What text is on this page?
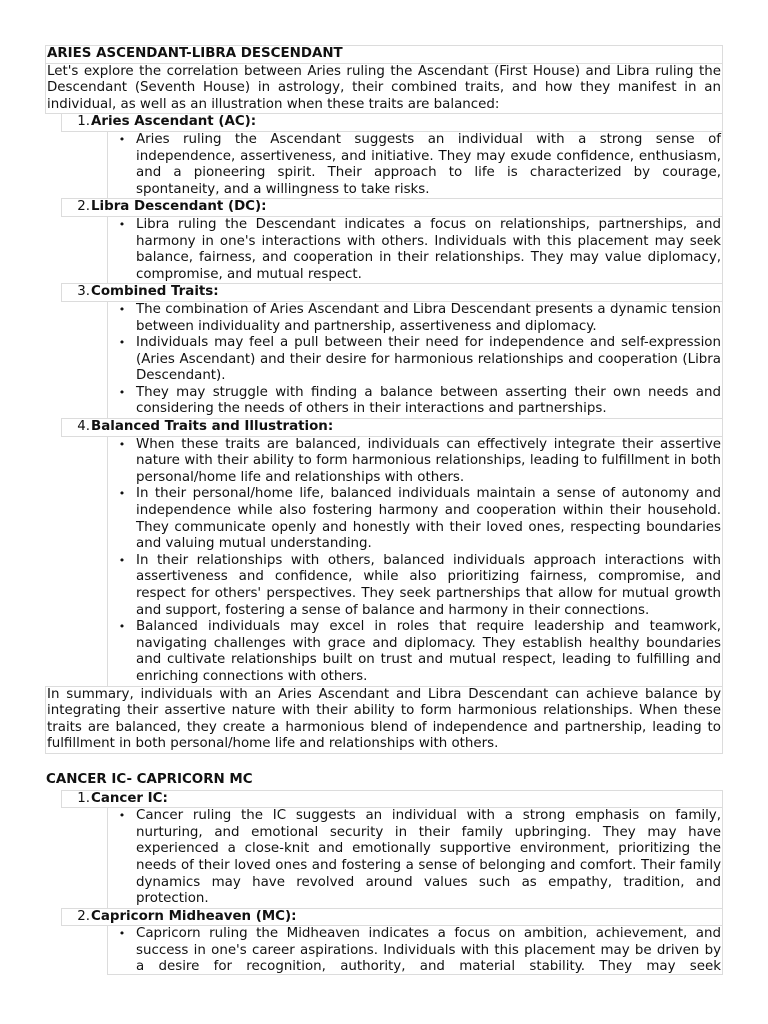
ARIES ASCENDANT-LIBRA DESCENDANT
Let's explore the correlation between Aries ruling the Ascendant (First House) and Libra ruling the Descendant (Seventh House) in astrology, their combined traits, and how they manifest in an individual, as well as an illustration when these traits are balanced:
1. Aries Ascendant (AC):
• Aries ruling the Ascendant suggests an individual with a strong sense of independence, assertiveness, and initiative. They may exude confidence, enthusiasm, and a pioneering spirit. Their approach to life is characterized by courage, spontaneity, and a willingness to take risks.
2. Libra Descendant (DC):
• Libra ruling the Descendant indicates a focus on relationships, partnerships, and harmony in one's interactions with others. Individuals with this placement may seek balance, fairness, and cooperation in their relationships. They may value diplomacy, compromise, and mutual respect.
3. Combined Traits:
• The combination of Aries Ascendant and Libra Descendant presents a dynamic tension between individuality and partnership, assertiveness and diplomacy.
• Individuals may feel a pull between their need for independence and self-expression (Aries Ascendant) and their desire for harmonious relationships and cooperation (Libra Descendant).
• They may struggle with finding a balance between asserting their own needs and considering the needs of others in their interactions and partnerships.
4. Balanced Traits and Illustration:
• When these traits are balanced, individuals can effectively integrate their assertive nature with their ability to form harmonious relationships, leading to fulfillment in both personal/home life and relationships with others.
• In their personal/home life, balanced individuals maintain a sense of autonomy and independence while also fostering harmony and cooperation within their household. They communicate openly and honestly with their loved ones, respecting boundaries and valuing mutual understanding.
• In their relationships with others, balanced individuals approach interactions with assertiveness and confidence, while also prioritizing fairness, compromise, and respect for others' perspectives. They seek partnerships that allow for mutual growth and support, fostering a sense of balance and harmony in their connections.
• Balanced individuals may excel in roles that require leadership and teamwork, navigating challenges with grace and diplomacy. They establish healthy boundaries and cultivate relationships built on trust and mutual respect, leading to fulfilling and enriching connections with others.
In summary, individuals with an Aries Ascendant and Libra Descendant can achieve balance by integrating their assertive nature with their ability to form harmonious relationships. When these traits are balanced, they create a harmonious blend of independence and partnership, leading to fulfillment in both personal/home life and relationships with others.
CANCER IC- CAPRICORN MC
1. Cancer IC:
• Cancer ruling the IC suggests an individual with a strong emphasis on family, nurturing, and emotional security in their family upbringing. They may have experienced a close-knit and emotionally supportive environment, prioritizing the needs of their loved ones and fostering a sense of belonging and comfort. Their family dynamics may have revolved around values such as empathy, tradition, and protection.
2. Capricorn Midheaven (MC):
• Capricorn ruling the Midheaven indicates a focus on ambition, achievement, and success in one's career aspirations. Individuals with this placement may be driven by a desire for recognition, authority, and material stability. They may seek
